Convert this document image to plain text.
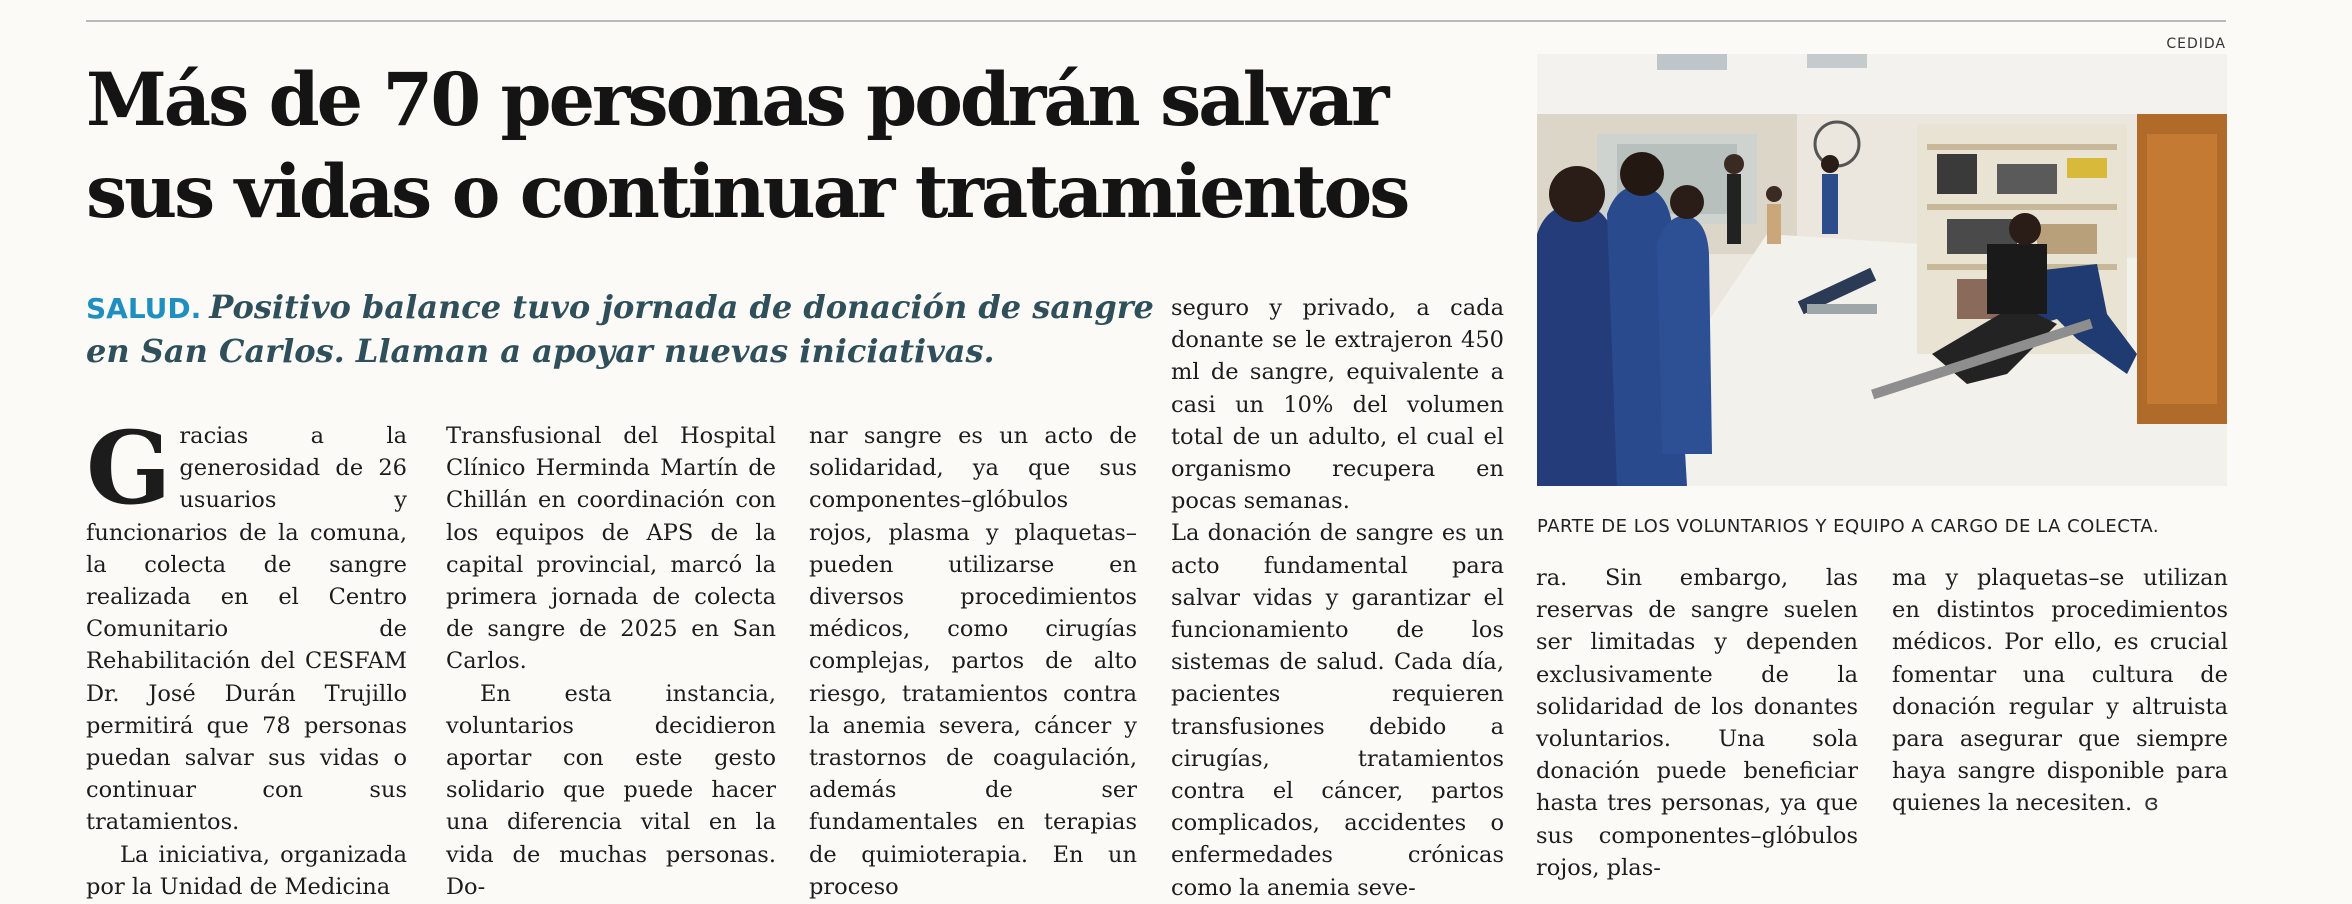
Más de 70 personas podrán salvar sus vidas o continuar tratamientos

SALUD. Positivo balance tuvo jornada de donación de sangre en San Carlos. Llaman a apoyar nuevas iniciativas.

Gracias a la generosidad de 26 usuarios y funcionarios de la comuna, la colecta de sangre realizada en el Centro Comunitario de Rehabilitación del CESFAM Dr. José Durán Trujillo permitirá que 78 personas puedan salvar sus vidas o continuar con sus tratamientos.

La iniciativa, organizada por la Unidad de Medicina

Transfusional del Hospital Clínico Herminda Martín de Chillán en coordinación con los equipos de APS de la capital provincial, marcó la primera jornada de colecta de sangre de 2025 en San Carlos.

En esta instancia, voluntarios decidieron aportar con este gesto solidario que puede hacer una diferencia vital en la vida de muchas personas. Do-

nar sangre es un acto de solidaridad, ya que sus componentes–glóbulos rojos, plasma y plaquetas–pueden utilizarse en diversos procedimientos médicos, como cirugías complejas, partos de alto riesgo, tratamientos contra la anemia severa, cáncer y trastornos de coagulación, además de ser fundamentales en terapias de quimioterapia. En un proceso

seguro y privado, a cada donante se le extrajeron 450 ml de sangre, equivalente a casi un 10% del volumen total de un adulto, el cual el organismo recupera en pocas semanas.

La donación de sangre es un acto fundamental para salvar vidas y garantizar el funcionamiento de los sistemas de salud. Cada día, pacientes requieren transfusiones debido a cirugías, tratamientos contra el cáncer, partos complicados, accidentes o enfermedades crónicas como la anemia seve-

CEDIDA
PARTE DE LOS VOLUNTARIOS Y EQUIPO A CARGO DE LA COLECTA.

ra. Sin embargo, las reservas de sangre suelen ser limitadas y dependen exclusivamente de la solidaridad de los donantes voluntarios. Una sola donación puede beneficiar hasta tres personas, ya que sus componentes–glóbulos rojos, plas-

ma y plaquetas–se utilizan en distintos procedimientos médicos. Por ello, es crucial fomentar una cultura de donación regular y altruista para asegurar que siempre haya sangre disponible para quienes la necesiten. ɞ
